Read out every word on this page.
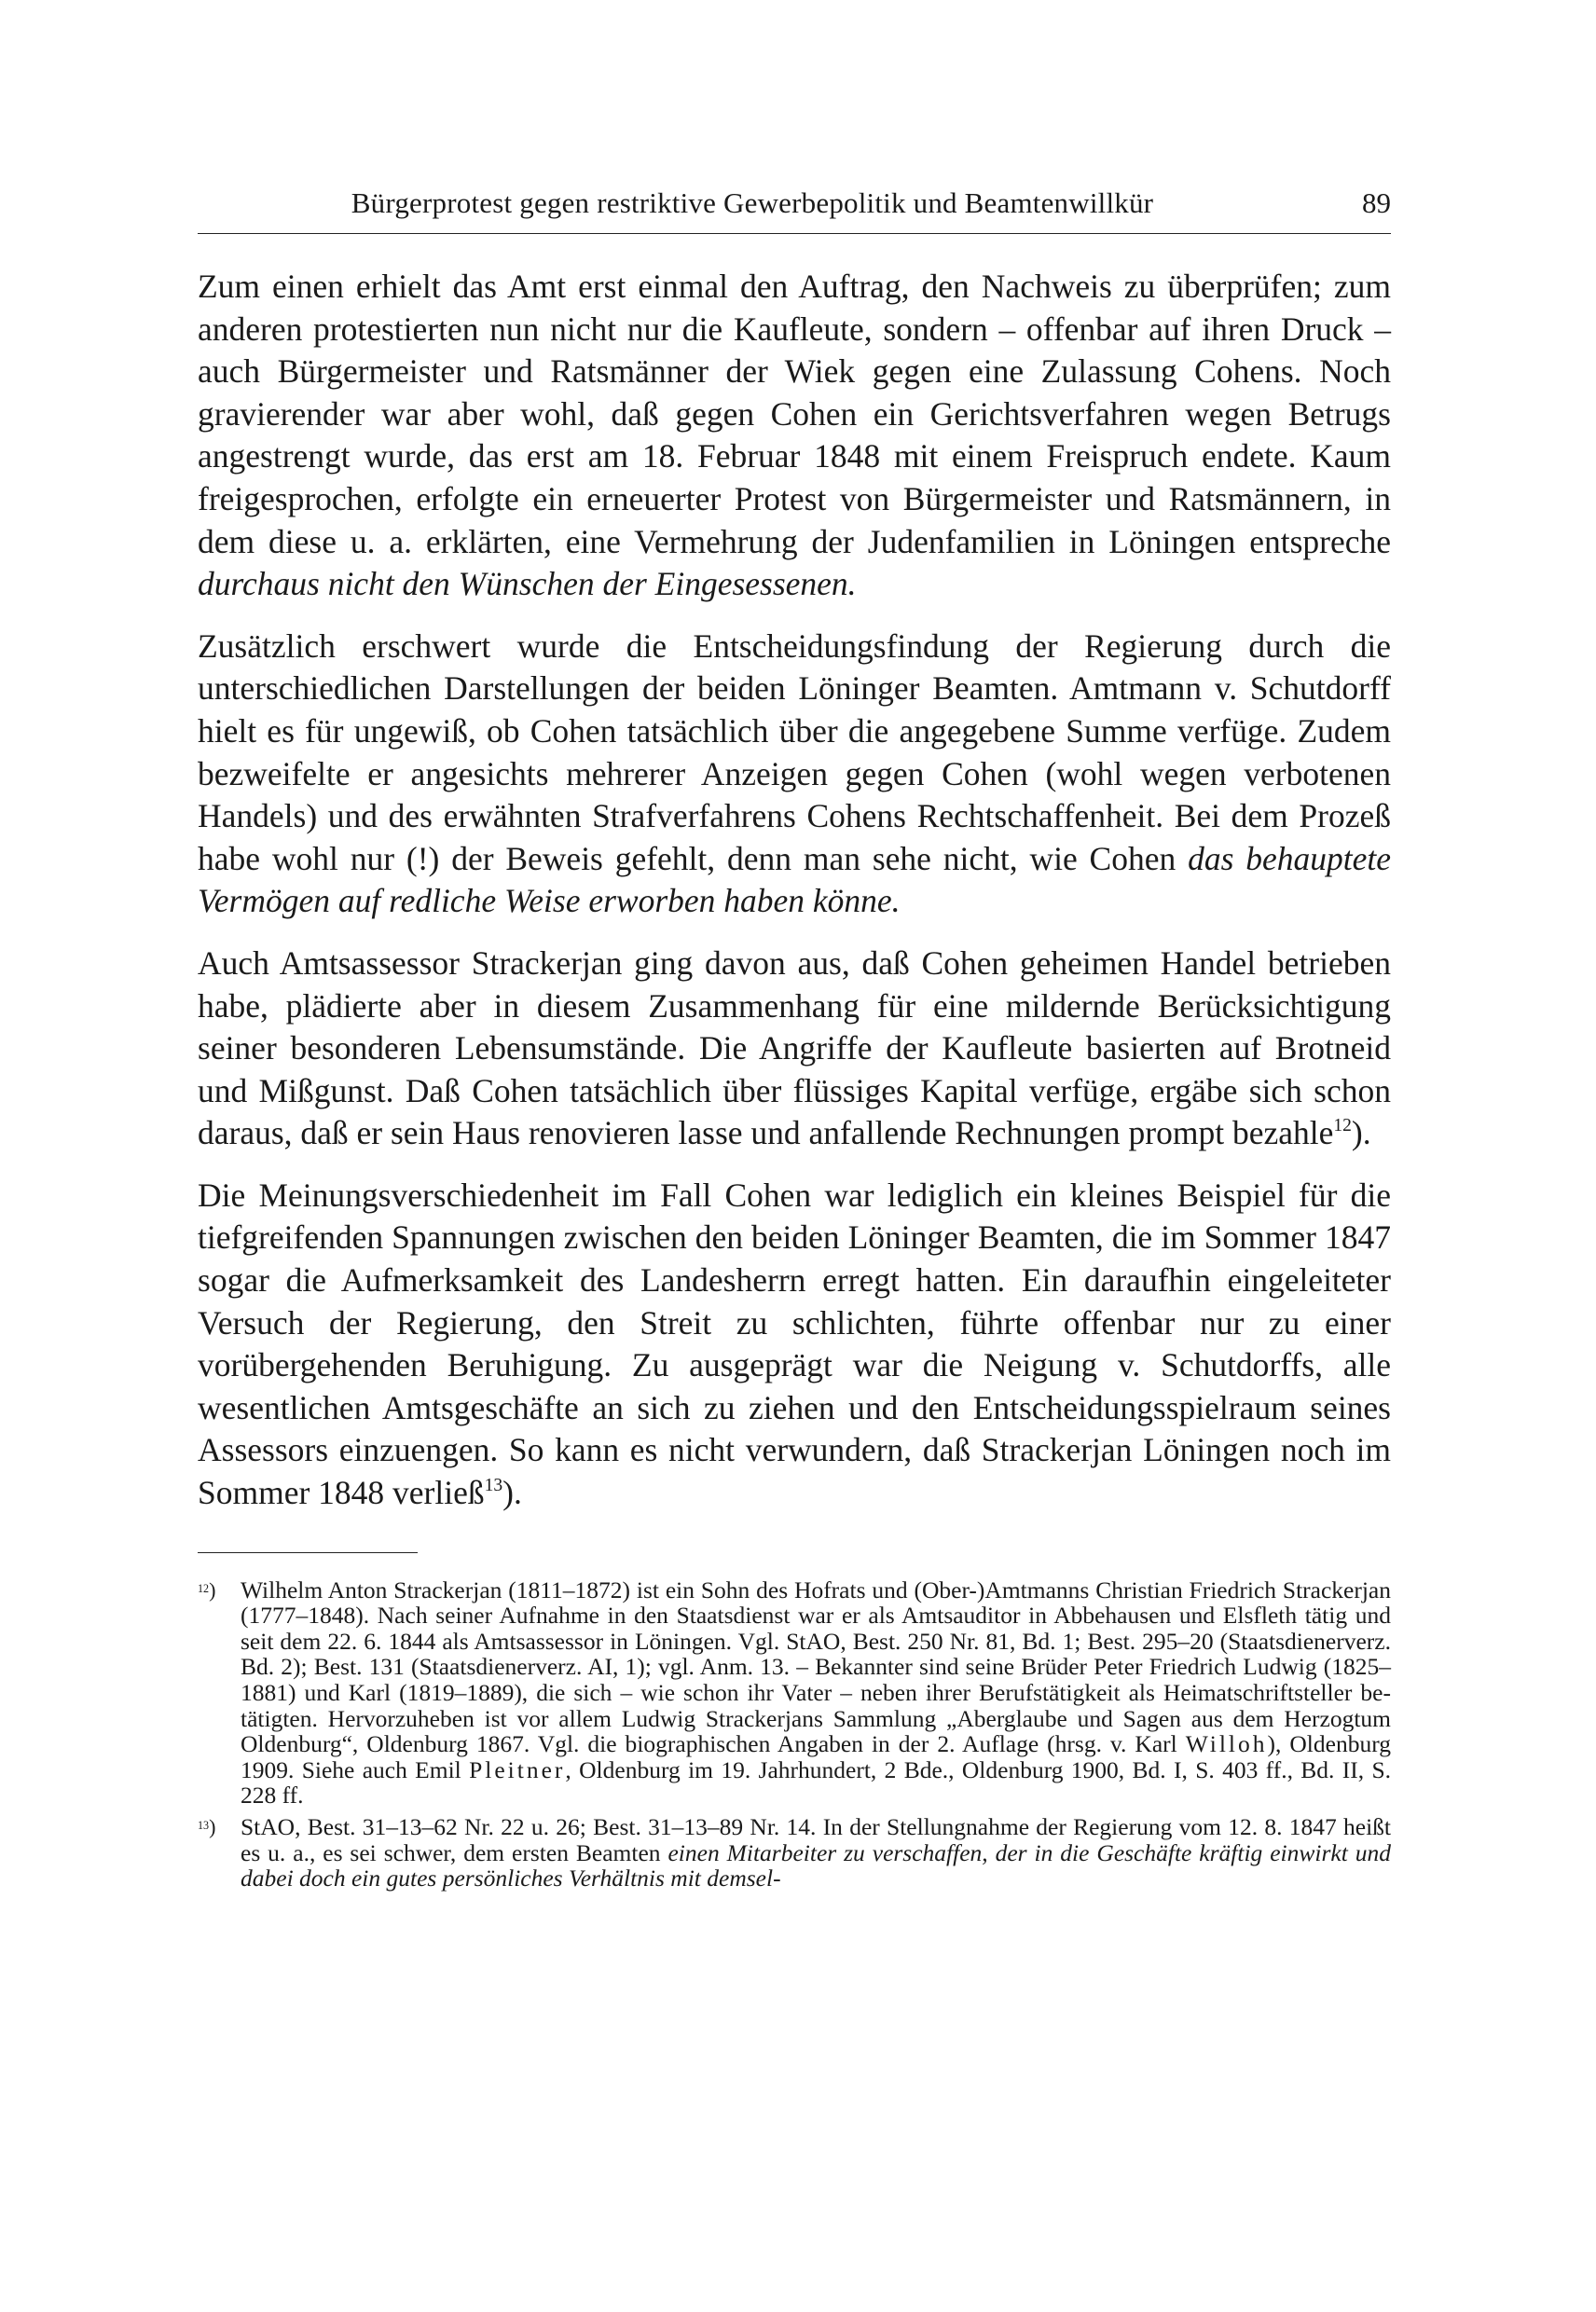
Bürgerprotest gegen restriktive Gewerbepolitik und Beamtenwillkür	89

Zum einen erhielt das Amt erst einmal den Auftrag, den Nachweis zu überprüfen; zum anderen protestierten nun nicht nur die Kaufleute, sondern – offenbar auf ihren Druck – auch Bürgermeister und Ratsmänner der Wiek gegen eine Zulassung Cohens. Noch gravierender war aber wohl, daß gegen Cohen ein Gerichtsverfahren wegen Betrugs angestrengt wurde, das erst am 18. Februar 1848 mit einem Freispruch endete. Kaum freigesprochen, erfolgte ein erneuerter Protest von Bürgermeister und Ratsmännern, in dem diese u. a. erklärten, eine Vermehrung der Judenfamilien in Löningen entspreche durchaus nicht den Wünschen der Eingesessenen.

Zusätzlich erschwert wurde die Entscheidungsfindung der Regierung durch die unterschiedlichen Darstellungen der beiden Löninger Beamten. Amtmann v. Schutdorff hielt es für ungewiß, ob Cohen tatsächlich über die angegebene Summe verfüge. Zudem bezweifelte er angesichts mehrerer Anzeigen gegen Cohen (wohl wegen verbotenen Handels) und des erwähnten Strafverfahrens Cohens Rechtschaffenheit. Bei dem Prozeß habe wohl nur (!) der Beweis gefehlt, denn man sehe nicht, wie Cohen das behauptete Vermögen auf redliche Weise erworben haben könne.

Auch Amtsassessor Strackerjan ging davon aus, daß Cohen geheimen Handel betrieben habe, plädierte aber in diesem Zusammenhang für eine mildernde Berücksichtigung seiner besonderen Lebensumstände. Die Angriffe der Kaufleute basierten auf Brotneid und Mißgunst. Daß Cohen tatsächlich über flüssiges Kapital verfüge, ergäbe sich schon daraus, daß er sein Haus renovieren lasse und anfallende Rechnungen prompt bezahle$^{12}$).

Die Meinungsverschiedenheit im Fall Cohen war lediglich ein kleines Beispiel für die tiefgreifenden Spannungen zwischen den beiden Löninger Beamten, die im Sommer 1847 sogar die Aufmerksamkeit des Landesherrn erregt hatten. Ein daraufhin eingeleiteter Versuch der Regierung, den Streit zu schlichten, führte offenbar nur zu einer vorübergehenden Beruhigung. Zu ausgeprägt war die Neigung v. Schutdorffs, alle wesentlichen Amtsgeschäfte an sich zu ziehen und den Entscheidungsspielraum seines Assessors einzuengen. So kann es nicht verwundern, daß Strackerjan Löningen noch im Sommer 1848 verließ$^{13}$).

$^{12}$) Wilhelm Anton Strackerjan (1811–1872) ist ein Sohn des Hofrats und (Ober-)Amtmanns Christian Friedrich Strackerjan (1777–1848). Nach seiner Aufnahme in den Staatsdienst war er als Amtsauditor in Abbehausen und Elsfleth tätig und seit dem 22. 6. 1844 als Amtsassessor in Löningen. Vgl. StAO, Best. 250 Nr. 81, Bd. 1; Best. 295–20 (Staatsdienerverz. Bd. 2); Best. 131 (Staatsdienerverz. AI, 1); vgl. Anm. 13. – Bekannter sind seine Brüder Peter Friedrich Ludwig (1825–1881) und Karl (1819–1889), die sich – wie schon ihr Vater – neben ihrer Berufstätigkeit als Heimatschriftsteller betätigten. Hervorzuheben ist vor allem Ludwig Strackerjans Sammlung „Aberglaube und Sagen aus dem Herzogtum Oldenburg“, Oldenburg 1867. Vgl. die biographischen Angaben in der 2. Auflage (hrsg. v. Karl Willoh), Oldenburg 1909. Siehe auch Emil Pleitner, Oldenburg im 19. Jahrhundert, 2 Bde., Oldenburg 1900, Bd. I, S. 403 ff., Bd. II, S. 228 ff.
$^{13}$) StAO, Best. 31–13–62 Nr. 22 u. 26; Best. 31–13–89 Nr. 14. In der Stellungnahme der Regierung vom 12. 8. 1847 heißt es u. a., es sei schwer, dem ersten Beamten einen Mitarbeiter zu verschaffen, der in die Geschäfte kräftig einwirkt und dabei doch ein gutes persönliches Verhältnis mit demsel-
